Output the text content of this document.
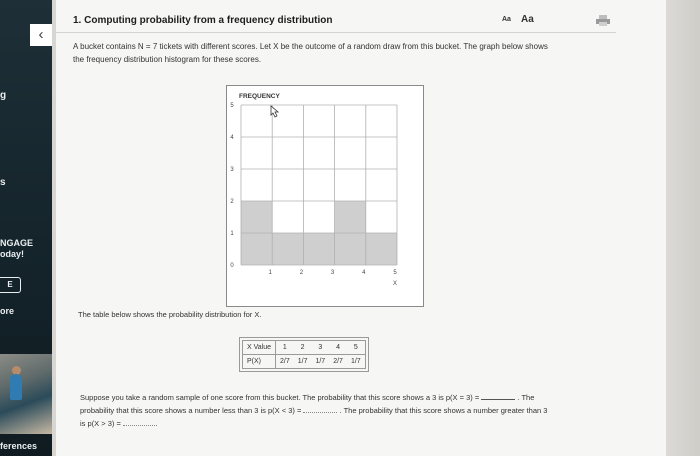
‹
g
s
NGAGE
oday!
E
ore
ferences
1. Computing probability from a frequency distribution	Aa Aa
A bucket contains N = 7 tickets with different scores. Let X be the outcome of a random draw from this bucket. The graph below shows the frequency distribution histogram for these scores.
0
1
2
3
4
5
1	2	3	4	5
FREQUENCY
X
The table below shows the probability distribution for X.
X Value	1	2	3	4	5
P(X)	2/7	1/7	1/7	2/7	1/7
Suppose you take a random sample of one score from this bucket. The probability that this score shows a 3 is p(X = 3) =	. The probability that this score shows a number less than 3 is p(X < 3) =	. The probability that this score shows a number greater than 3 is p(X > 3) =
